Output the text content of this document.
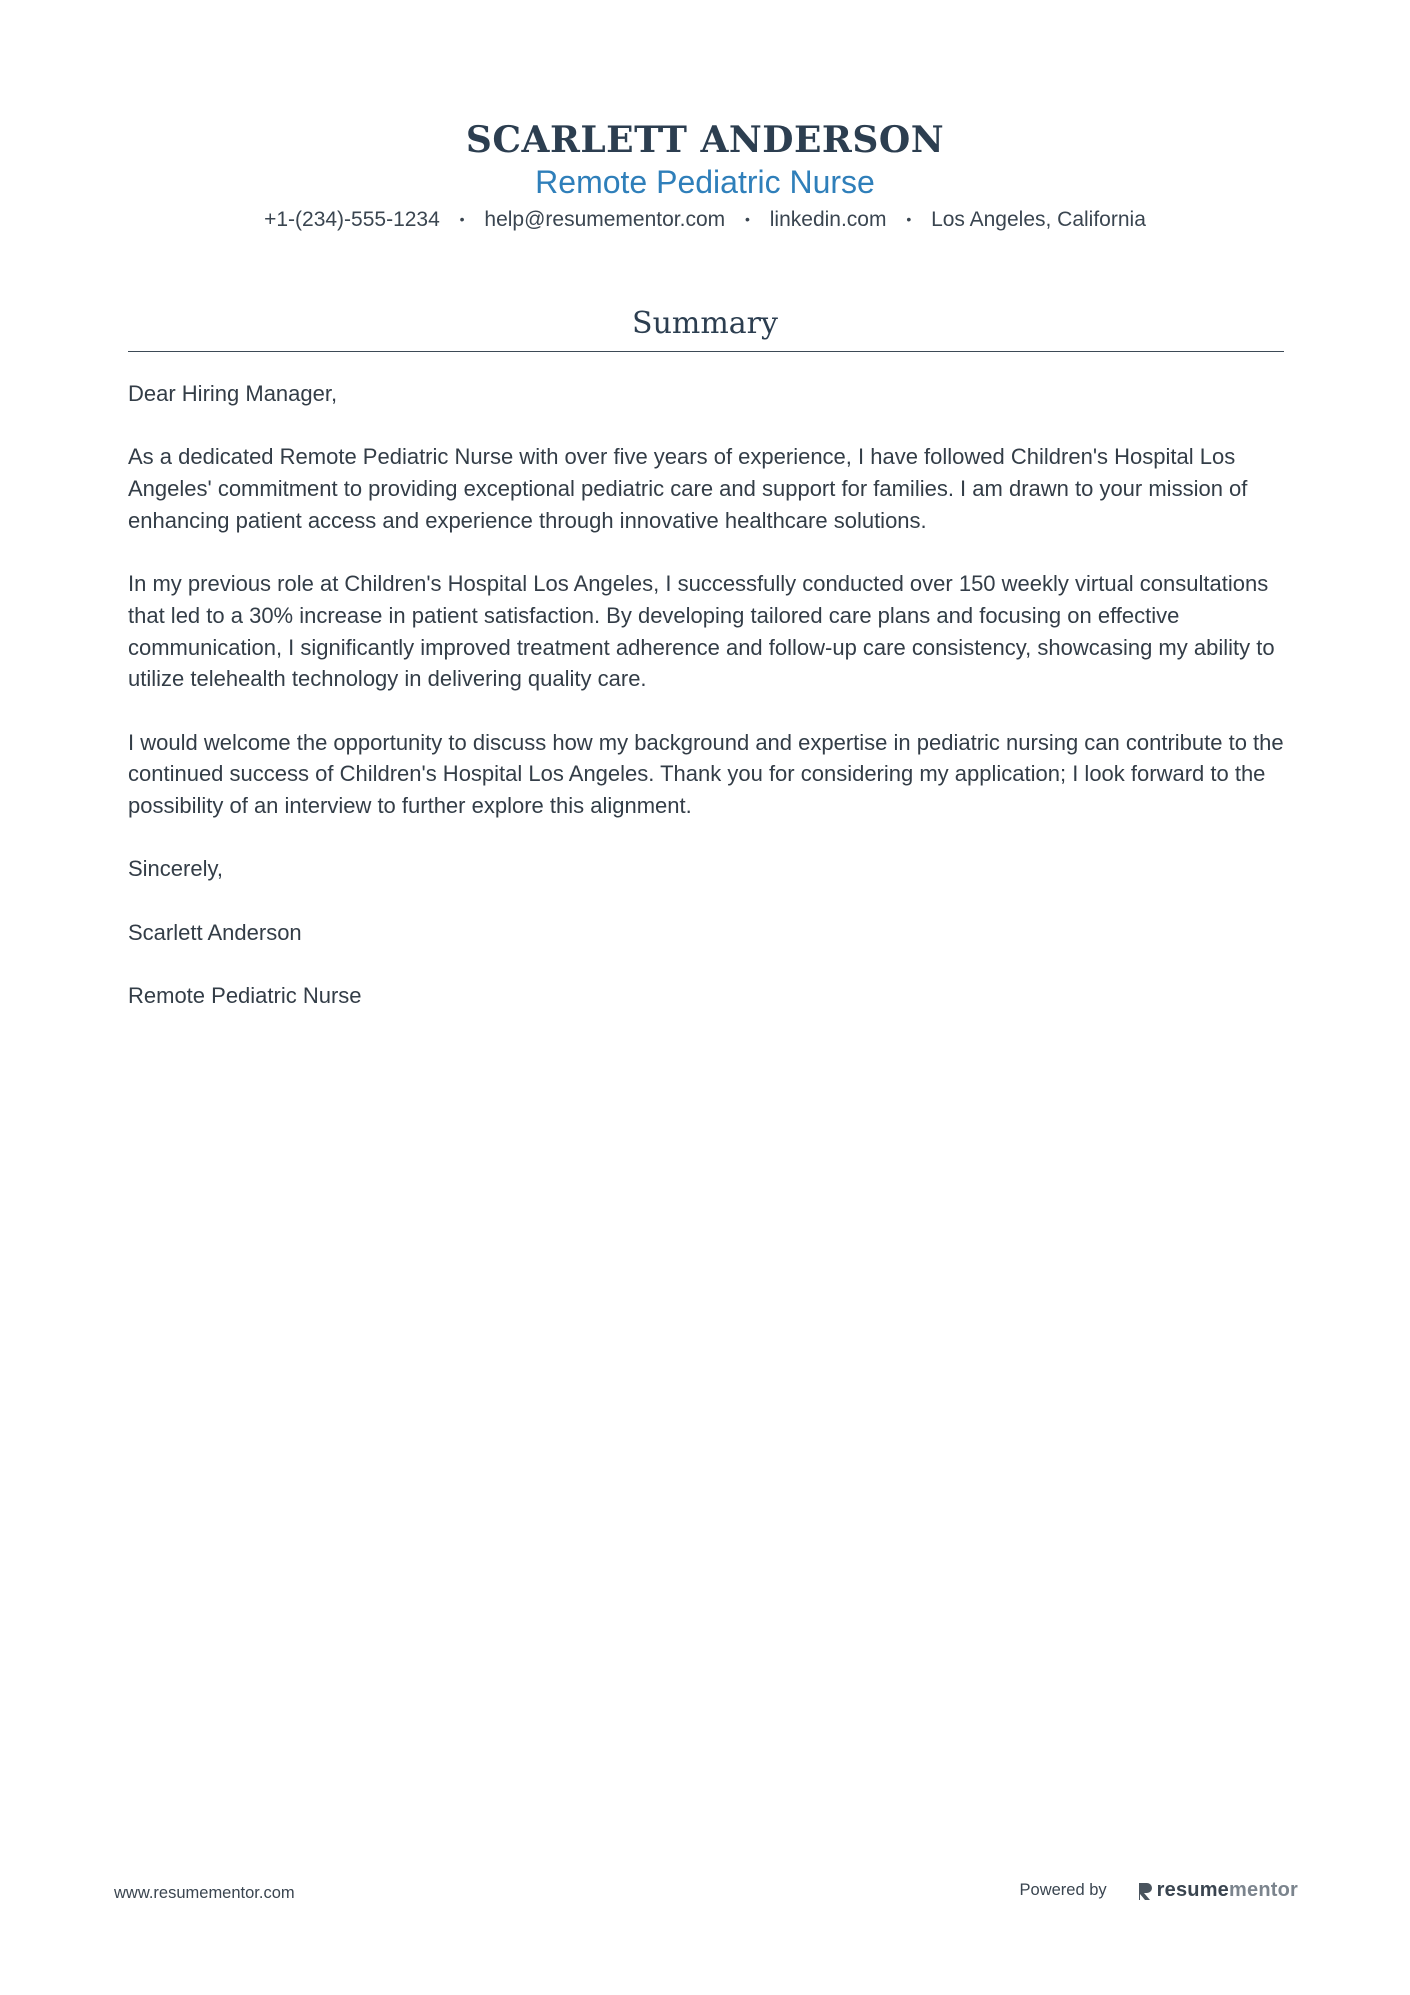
SCARLETT ANDERSON
Remote Pediatric Nurse
+1-(234)-555-1234 • help@resumementor.com • linkedin.com • Los Angeles, California
Summary

Dear Hiring Manager,

As a dedicated Remote Pediatric Nurse with over five years of experience, I have followed Children's Hospital Los Angeles' commitment to providing exceptional pediatric care and support for families. I am drawn to your mission of enhancing patient access and experience through innovative healthcare solutions.

In my previous role at Children's Hospital Los Angeles, I successfully conducted over 150 weekly virtual consultations that led to a 30% increase in patient satisfaction. By developing tailored care plans and focusing on effective communication, I significantly improved treatment adherence and follow-up care consistency, showcasing my ability to utilize telehealth technology in delivering quality care.

I would welcome the opportunity to discuss how my background and expertise in pediatric nursing can contribute to the continued success of Children's Hospital Los Angeles. Thank you for considering my application; I look forward to the possibility of an interview to further explore this alignment.

Sincerely,

Scarlett Anderson

Remote Pediatric Nurse

www.resumementor.com	Powered by	resume mentor
